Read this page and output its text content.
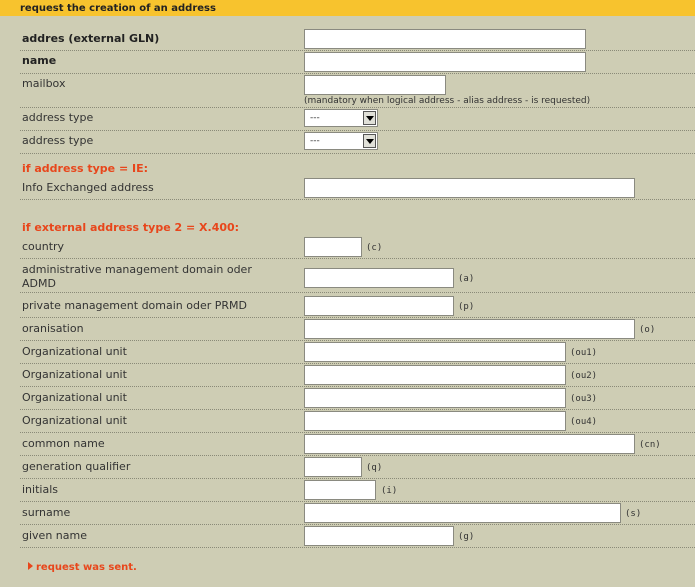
request the creation of an address
addres (external GLN)
name
mailbox
(mandatory when logical address - alias address - is requested)
address type	---
address type	---
if address type = IE:
Info Exchanged address
if external address type 2 = X.400:
country	(c)
administrative management domain oder
ADMD	(a)
private management domain oder PRMD	(p)
oranisation	(o)
Organizational unit	(ou1)
Organizational unit	(ou2)
Organizational unit	(ou3)
Organizational unit	(ou4)
common name	(cn)
generation qualifier	(q)
initials	(i)
surname	(s)
given name	(g)
request was sent.
